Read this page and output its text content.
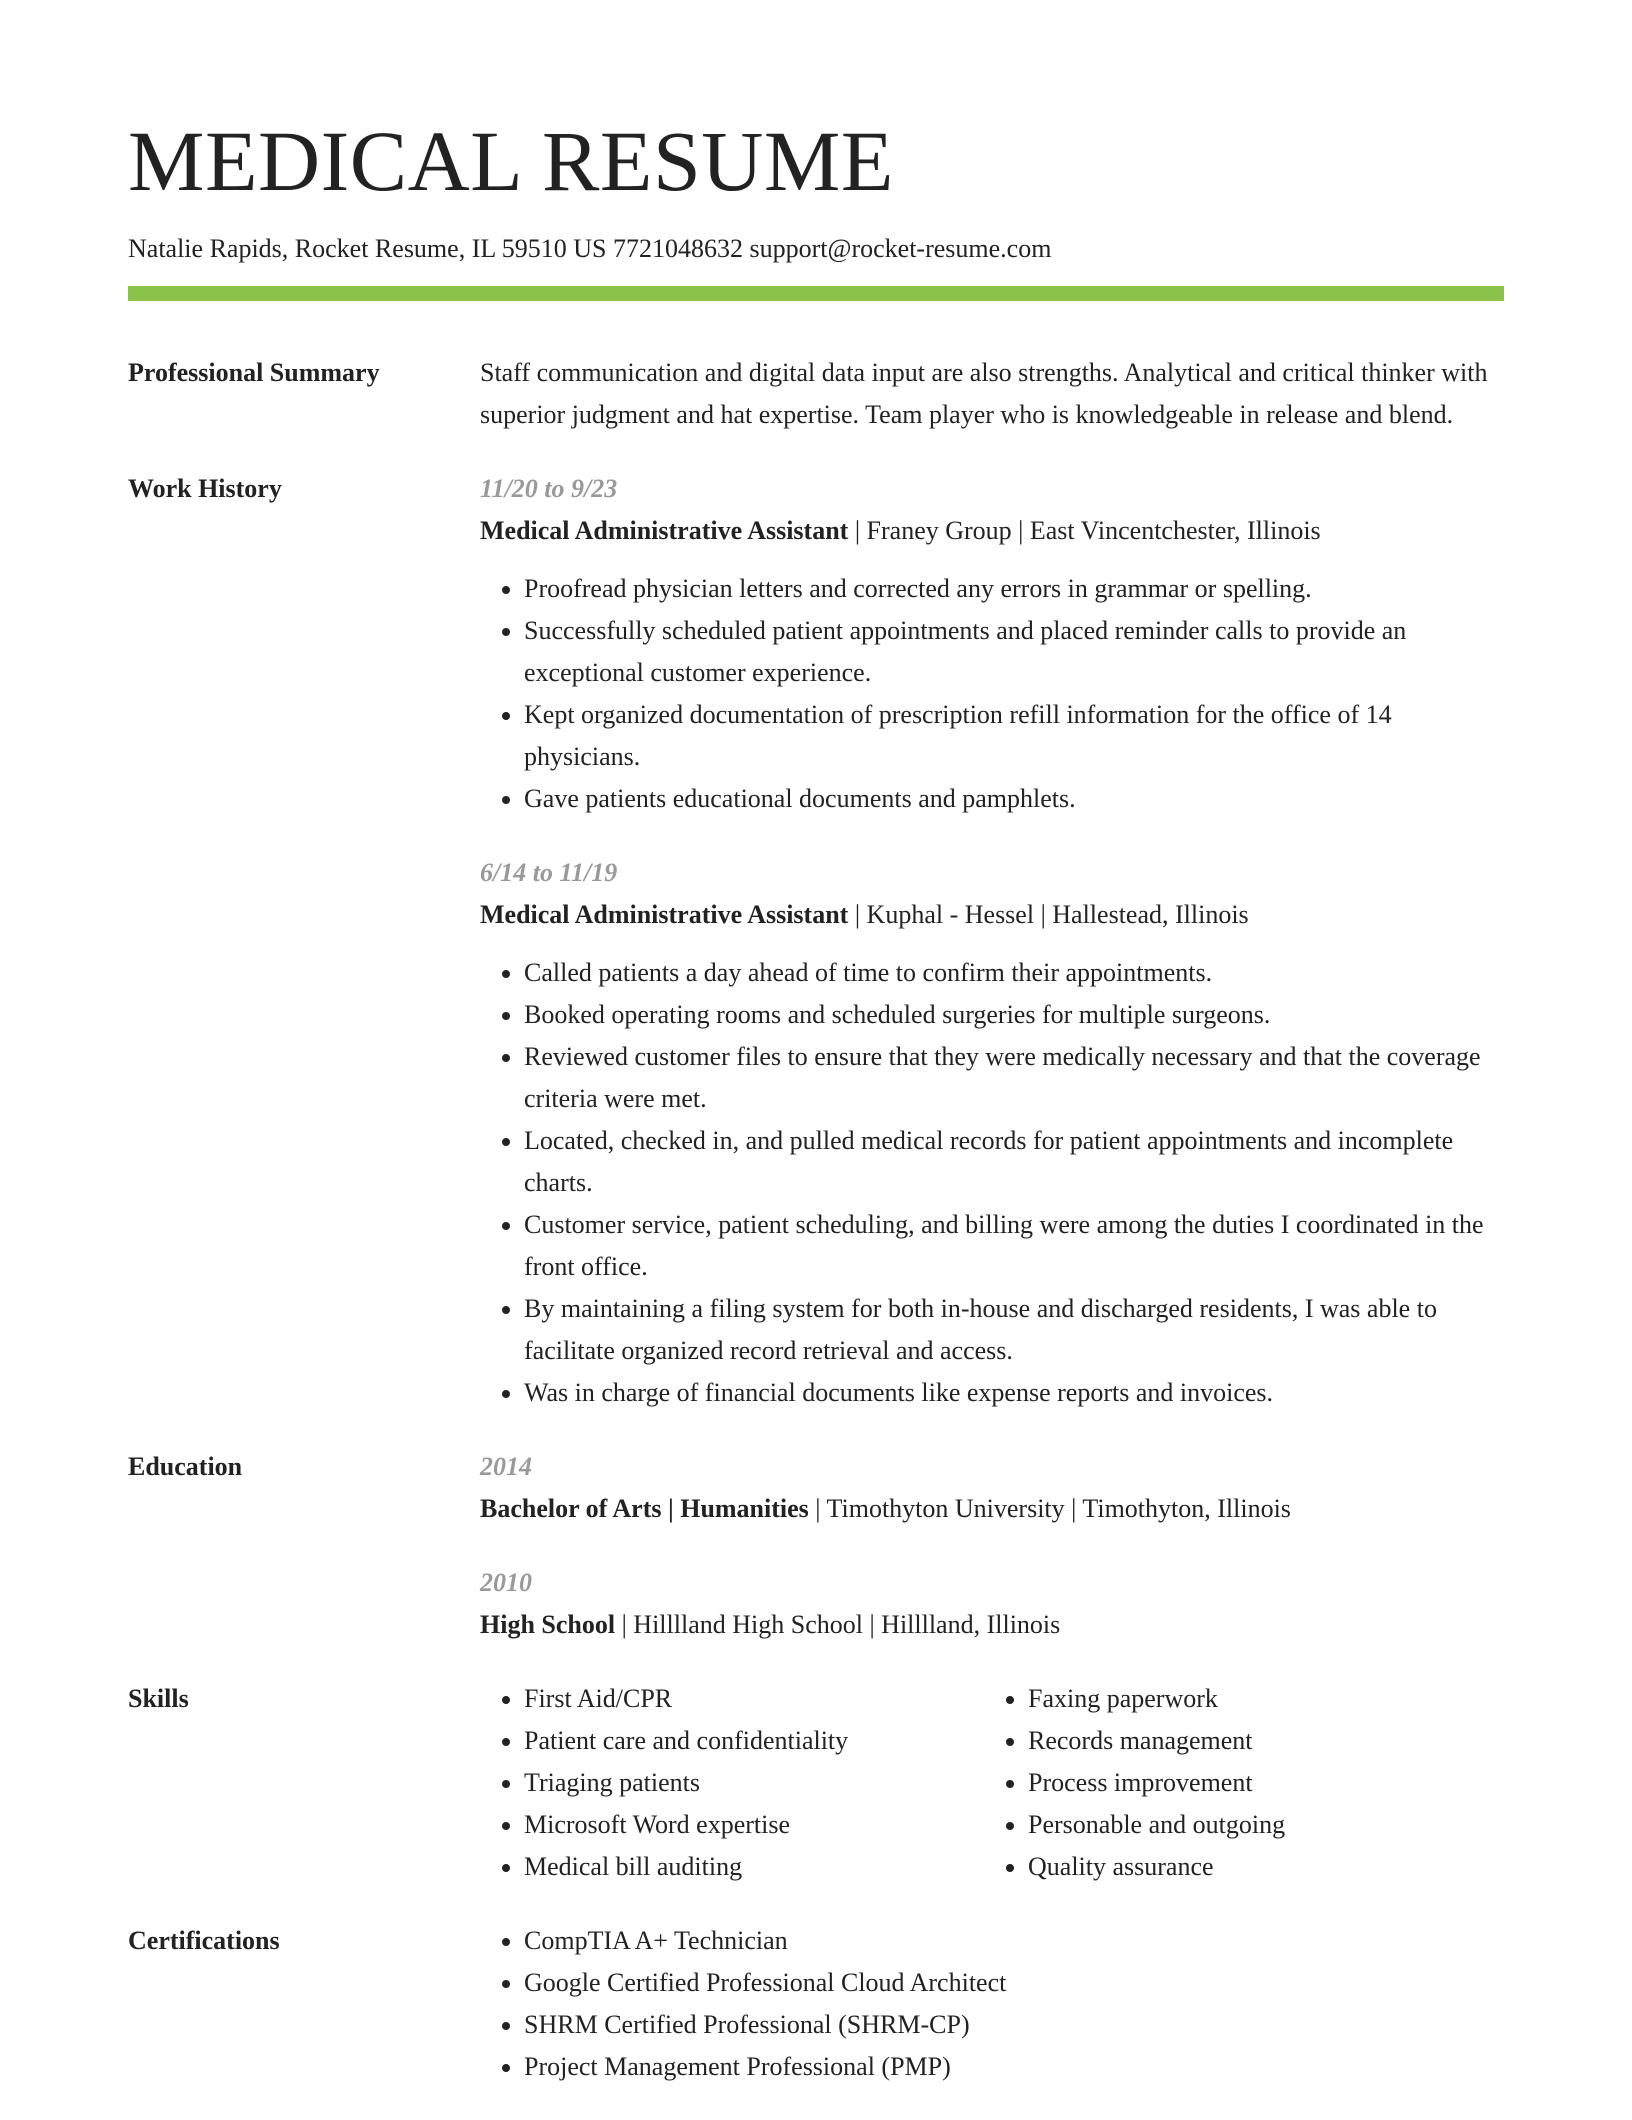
MEDICAL RESUME
Natalie Rapids, Rocket Resume, IL 59510 US 7721048632 support@rocket-resume.com
Professional Summary	Staff communication and digital data input are also strengths. Analytical and critical thinker with superior judgment and hat expertise. Team player who is knowledgeable in release and blend.

Work History	11/20 to 9/23
Medical Administrative Assistant | Franey Group | East Vincentchester, Illinois
• Proofread physician letters and corrected any errors in grammar or spelling.
• Successfully scheduled patient appointments and placed reminder calls to provide an exceptional customer experience.
• Kept organized documentation of prescription refill information for the office of 14 physicians.
• Gave patients educational documents and pamphlets.
6/14 to 11/19
Medical Administrative Assistant | Kuphal - Hessel | Hallestead, Illinois
• Called patients a day ahead of time to confirm their appointments.
• Booked operating rooms and scheduled surgeries for multiple surgeons.
• Reviewed customer files to ensure that they were medically necessary and that the coverage criteria were met.
• Located, checked in, and pulled medical records for patient appointments and incomplete charts.
• Customer service, patient scheduling, and billing were among the duties I coordinated in the front office.
• By maintaining a filing system for both in-house and discharged residents, I was able to facilitate organized record retrieval and access.
• Was in charge of financial documents like expense reports and invoices.
Education	2014
Bachelor of Arts | Humanities | Timothyton University | Timothyton, Illinois
2010
High School | Hilllland High School | Hilllland, Illinois
Skills	• First Aid/CPR
• Patient care and confidentiality
• Triaging patients
• Microsoft Word expertise
• Medical bill auditing
• Faxing paperwork
• Records management
• Process improvement
• Personable and outgoing
• Quality assurance
Certifications	• CompTIA A+ Technician
• Google Certified Professional Cloud Architect
• SHRM Certified Professional (SHRM-CP)
• Project Management Professional (PMP)
